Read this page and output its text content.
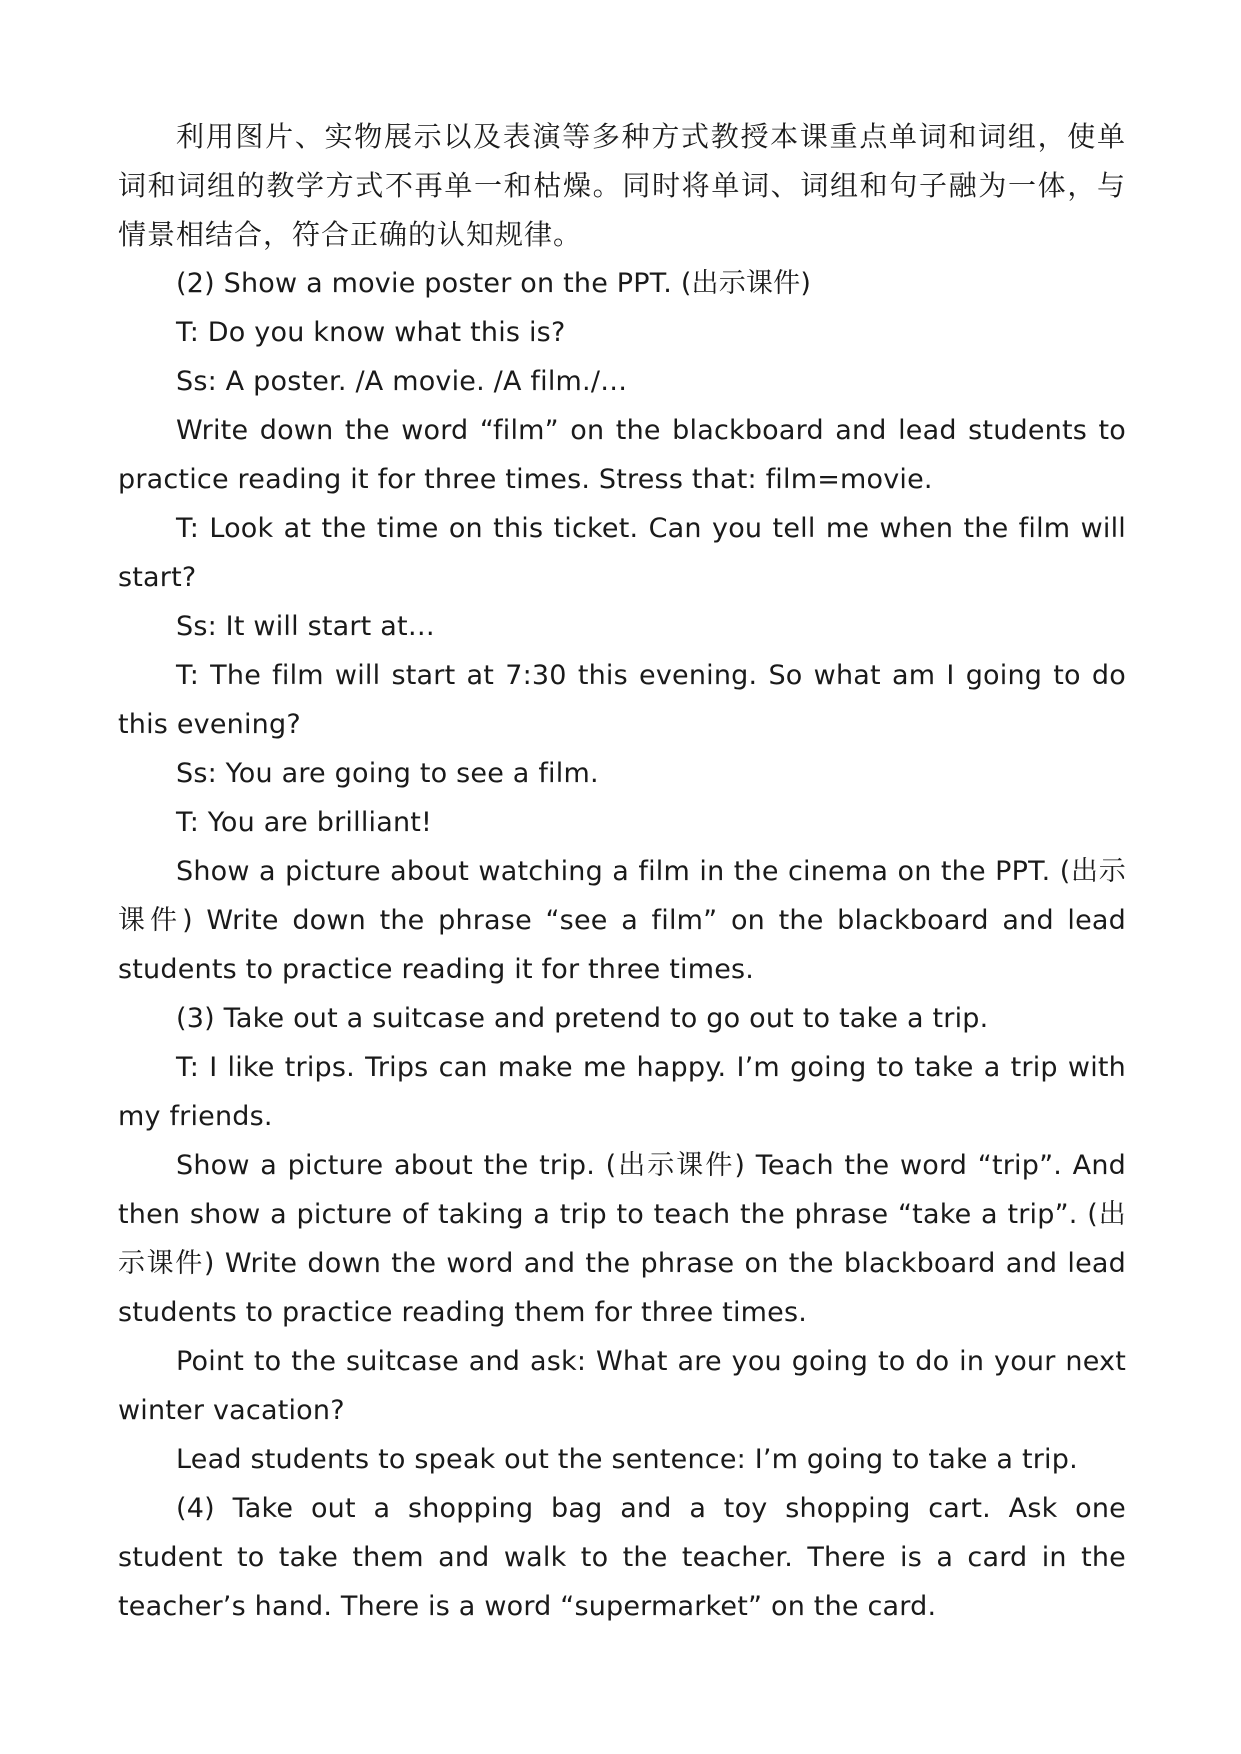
利用图片、实物展示以及表演等多种方式教授本课重点单词和词组，使单词和词组的教学方式不再单一和枯燥。同时将单词、词组和句子融为一体，与情景相结合，符合正确的认知规律。

(2) Show a movie poster on the PPT. (出示课件)

T: Do you know what this is?

Ss: A poster. /A movie. /A film./…

Write down the word “film” on the blackboard and lead students to practice reading it for three times. Stress that: film=movie.

T: Look at the time on this ticket. Can you tell me when the film will start?

Ss: It will start at…

T: The film will start at 7:30 this evening. So what am I going to do this evening?

Ss: You are going to see a film.

T: You are brilliant!

Show a picture about watching a film in the cinema on the PPT. (出示课件) Write down the phrase “see a film” on the blackboard and lead students to practice reading it for three times.

(3) Take out a suitcase and pretend to go out to take a trip.

T: I like trips. Trips can make me happy. I’m going to take a trip with my friends.

Show a picture about the trip. (出示课件) Teach the word “trip”. And then show a picture of taking a trip to teach the phrase “take a trip”. (出示课件) Write down the word and the phrase on the blackboard and lead students to practice reading them for three times.

Point to the suitcase and ask: What are you going to do in your next winter vacation?

Lead students to speak out the sentence: I’m going to take a trip.

(4) Take out a shopping bag and a toy shopping cart. Ask one student to take them and walk to the teacher. There is a card in the teacher’s hand. There is a word “supermarket” on the card.
